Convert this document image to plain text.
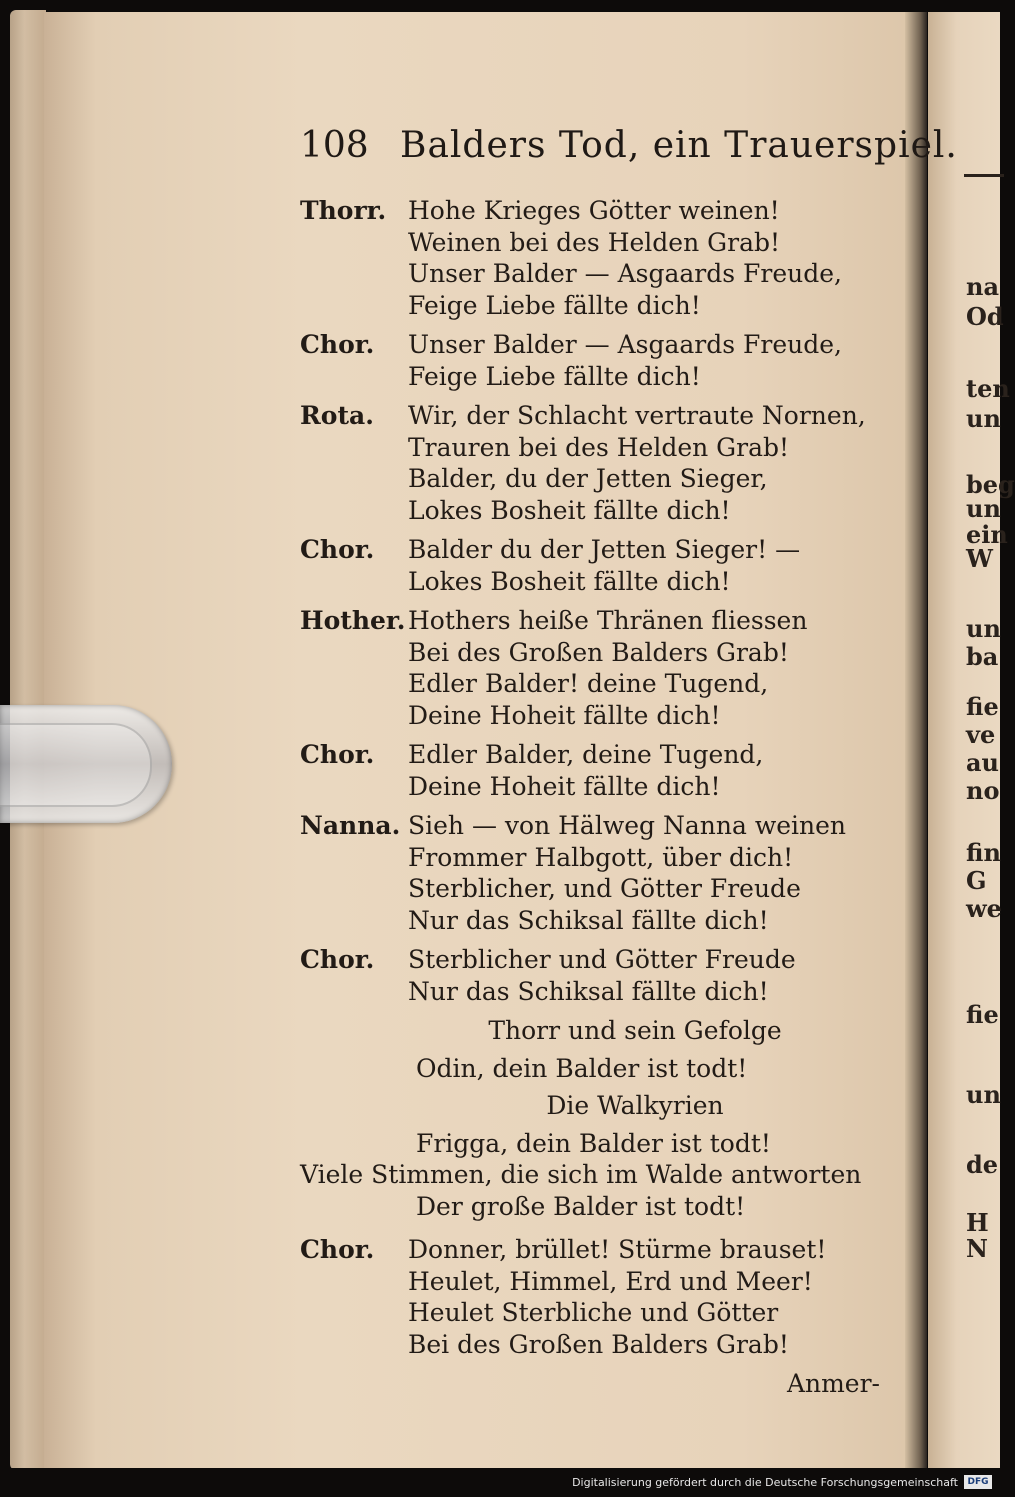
na
Od
ten
un
beg
un
ein
W
un
ba
fie
ve
au
no
fin
G
we
fie
un
de
H
N
108 Balders Tod, ein Trauerspiel.
Thorr. Hohe Krieges Götter weinen!
Weinen bei des Helden Grab!
Unser Balder — Asgaards Freude,
Feige Liebe fällte dich!
Chor.	Unser Balder — Asgaards Freude,
Feige Liebe fällte dich!
Rota.	Wir, der Schlacht vertraute Nornen,
Trauren bei des Helden Grab!
Balder, du der Jetten Sieger,
Lokes Bosheit fällte dich!
Chor.	Balder du der Jetten Sieger! —
Lokes Bosheit fällte dich!
Hother. Hothers heiße Thränen fliessen
Bei des Großen Balders Grab!
Edler Balder! deine Tugend,
Deine Hoheit fällte dich!
Chor.	Edler Balder, deine Tugend,
Deine Hoheit fällte dich!
Nanna. Sieh — von Hälweg Nanna weinen
Frommer Halbgott, über dich!
Sterblicher, und Götter Freude
Nur das Schiksal fällte dich!
Chor.	Sterblicher und Götter Freude
Nur das Schiksal fällte dich!
Thorr und sein Gefolge
Odin, dein Balder ist todt!
Die Walkyrien
Frigga, dein Balder ist todt!
Viele Stimmen, die sich im Walde antworten
Der große Balder ist todt!
Chor.	Donner, brüllet! Stürme brauset!
Heulet, Himmel, Erd und Meer!
Heulet Sterbliche und Götter
Bei des Großen Balders Grab!
Anmer-
Digitalisierung gefördert durch die Deutsche Forschungsgemeinschaft	DFG
